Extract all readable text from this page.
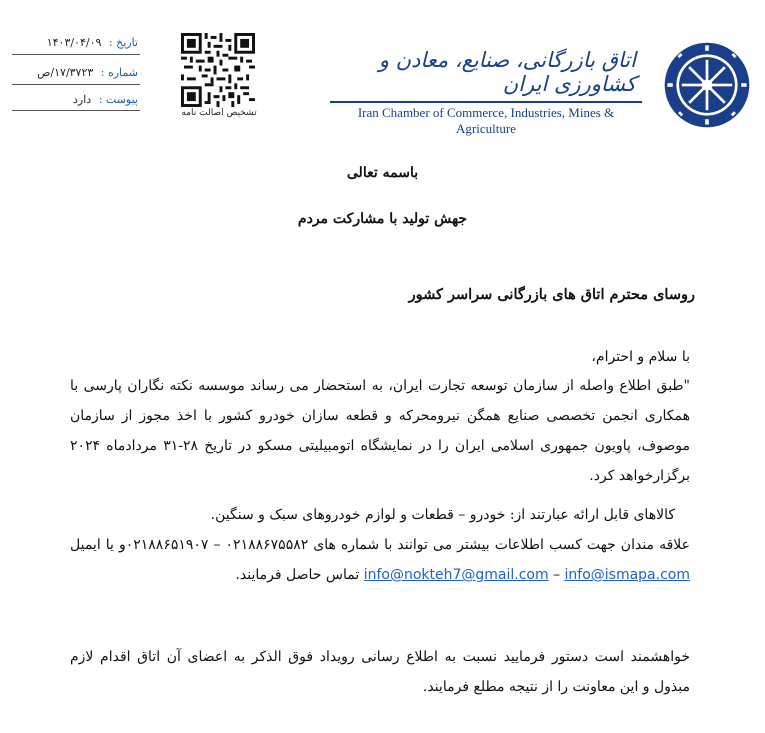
تاریخ : ۱۴۰۳/۰۴/۰۹
شماره : ۱۷/۳۷۲۳/ص
پیوست : دارد
تشخیص اصالت نامه
اتاق بازرگانی، صنایع، معادن و کشاورزی ایران
Iran Chamber of Commerce, Industries, Mines & Agriculture
باسمه تعالی
جهش تولید با مشارکت مردم
روسای محترم اتاق های بازرگانی سراسر کشور
با سلام و احترام،
"طبق اطلاع واصله از سازمان توسعه تجارت ایران، به استحضار می رساند موسسه نکته نگاران پارسی با همکاری انجمن تخصصی صنایع همگن نیرومحرکه و قطعه سازان خودرو کشور با اخذ مجوز از سازمان موصوف، پاویون جمهوری اسلامی ایران را در نمایشگاه اتومبیلیتی مسکو در تاریخ ۲۸-۳۱ مردادماه ۲۰۲۴ برگزارخواهد کرد.
کالاهای قابل ارائه عبارتند از: خودرو – قطعات و لوازم خودروهای سبک و سنگین.
علاقه مندان جهت کسب اطلاعات بیشتر می توانند با شماره های ۰۲۱۸۸۶۷۵۵۸۲ – ۰۲۱۸۸۶۵۱۹۰۷و یا ایمیل info@ismapa.com – info@nokteh7@gmail.com تماس حاصل فرمایند.
خواهشمند است دستور فرمایید نسبت به اطلاع رسانی رویداد فوق الذکر به اعضای آن اتاق اقدام لازم مبذول و این معاونت را از نتیجه مطلع فرمایند.
